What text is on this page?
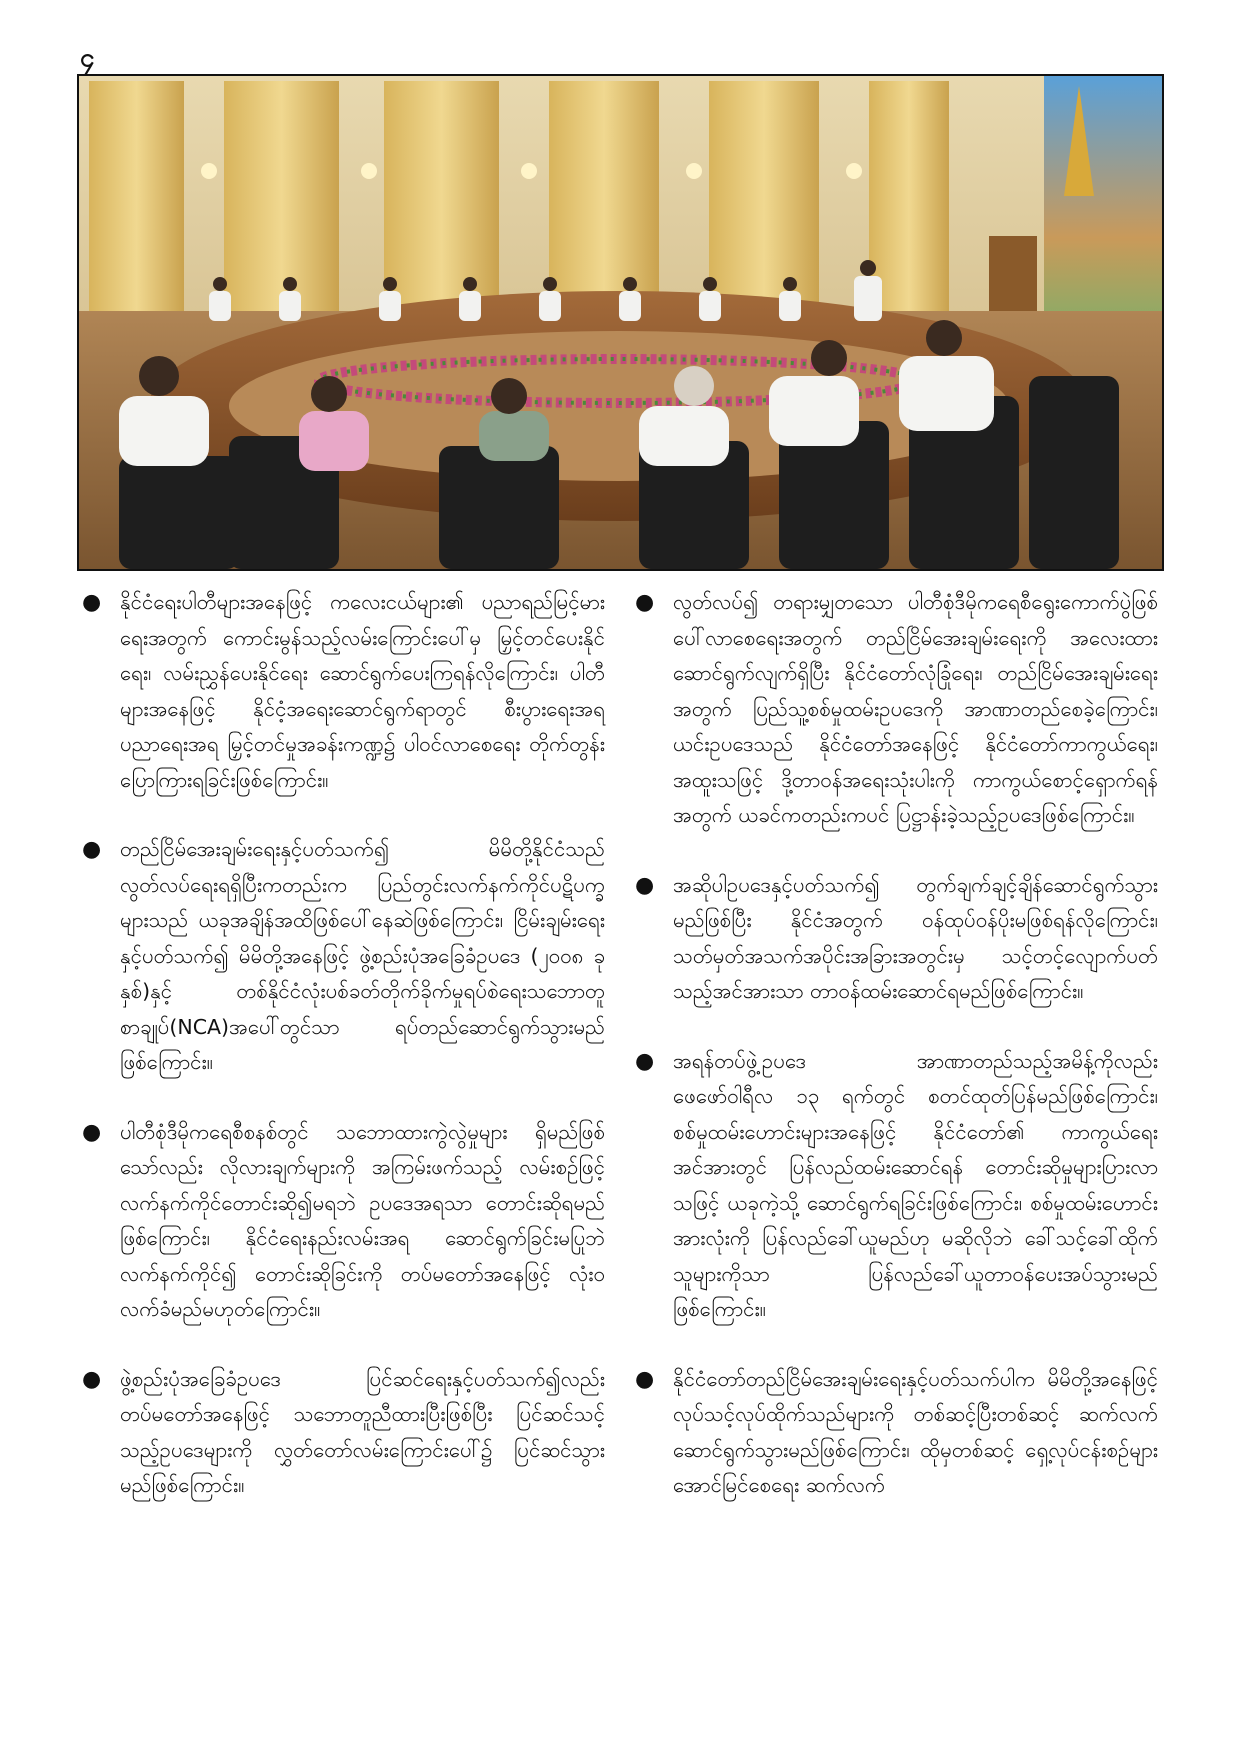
၄
● နိုင်ငံရေးပါတီများအနေဖြင့် ကလေးငယ်များ၏ ပညာရည်မြင့်မားရေးအတွက် ကောင်းမွန်သည့်လမ်းကြောင်းပေါ်မှ မြှင့်တင်ပေးနိုင်ရေး၊ လမ်းညွှန်ပေးနိုင်ရေး ဆောင်ရွက်ပေးကြရန်လိုကြောင်း၊ ပါတီများအနေဖြင့် နိုင်ငံ့အရေးဆောင်ရွက်ရာတွင် စီးပွားရေးအရ ပညာရေးအရ မြှင့်တင်မှုအခန်းကဏ္ဍ၌ ပါဝင်လာစေရေး တိုက်တွန်းပြောကြားရခြင်းဖြစ်ကြောင်း။
● တည်ငြိမ်အေးချမ်းရေးနှင့်ပတ်သက်၍ မိမိတို့နိုင်ငံသည်လွတ်လပ်ရေးရရှိပြီးကတည်းက ပြည်တွင်းလက်နက်ကိုင်ပဋိပက္ခများသည် ယခုအချိန်အထိဖြစ်ပေါ်နေဆဲဖြစ်ကြောင်း၊ ငြိမ်းချမ်းရေးနှင့်ပတ်သက်၍ မိမိတို့အနေဖြင့် ဖွဲ့စည်းပုံအခြေခံဥပဒေ (၂၀၀၈ ခုနှစ်)နှင့် တစ်နိုင်ငံလုံးပစ်ခတ်တိုက်ခိုက်မှုရပ်စဲရေးသဘောတူစာချုပ်(NCA)အပေါ်တွင်သာ ရပ်တည်ဆောင်ရွက်သွားမည်ဖြစ်ကြောင်း။
● ပါတီစုံဒီမိုကရေစီစနစ်တွင် သဘောထားကွဲလွဲမှုများ ရှိမည်ဖြစ်သော်လည်း လိုလားချက်များကို အကြမ်းဖက်သည့် လမ်းစဉ်ဖြင့် လက်နက်ကိုင်တောင်းဆို၍မရဘဲ ဥပဒေအရသာ တောင်းဆိုရမည်ဖြစ်ကြောင်း၊ နိုင်ငံရေးနည်းလမ်းအရ ဆောင်ရွက်ခြင်းမပြုဘဲလက်နက်ကိုင်၍ တောင်းဆိုခြင်းကို တပ်မတော်အနေဖြင့် လုံးဝလက်ခံမည်မဟုတ်ကြောင်း။
● ဖွဲ့စည်းပုံအခြေခံဥပဒေ ပြင်ဆင်ရေးနှင့်ပတ်သက်၍လည်း တပ်မတော်အနေဖြင့် သဘောတူညီထားပြီးဖြစ်ပြီး ပြင်ဆင်သင့်သည့်ဥပဒေများကို လွှတ်တော်လမ်းကြောင်းပေါ်၌ ပြင်ဆင်သွားမည်ဖြစ်ကြောင်း။
● လွတ်လပ်၍ တရားမျှတသော ပါတီစုံဒီမိုကရေစီရွေးကောက်ပွဲဖြစ်ပေါ်လာစေရေးအတွက် တည်ငြိမ်အေးချမ်းရေးကို အလေးထားဆောင်ရွက်လျက်ရှိပြီး နိုင်ငံတော်လုံခြုံရေး၊ တည်ငြိမ်အေးချမ်းရေးအတွက် ပြည်သူ့စစ်မှုထမ်းဥပဒေကို အာဏာတည်စေခဲ့ကြောင်း၊ ယင်းဥပဒေသည် နိုင်ငံတော်အနေဖြင့် နိုင်ငံတော်ကာကွယ်ရေး၊ အထူးသဖြင့် ဒို့တာဝန်အရေးသုံးပါးကို ကာကွယ်စောင့်ရှောက်ရန်အတွက် ယခင်ကတည်းကပင် ပြဋ္ဌာန်းခဲ့သည့်ဥပဒေဖြစ်ကြောင်း။
● အဆိုပါဥပဒေနှင့်ပတ်သက်၍ တွက်ချက်ချင့်ချိန်ဆောင်ရွက်သွားမည်ဖြစ်ပြီး နိုင်ငံအတွက် ဝန်ထုပ်ဝန်ပိုးမဖြစ်ရန်လိုကြောင်း၊ သတ်မှတ်အသက်အပိုင်းအခြားအတွင်းမှ သင့်တင့်လျောက်ပတ်သည့်အင်အားသာ တာဝန်ထမ်းဆောင်ရမည်ဖြစ်ကြောင်း။
● အရန်တပ်ဖွဲ့ဥပဒေ အာဏာတည်သည့်အမိန့်ကိုလည်း ဖေဖော်ဝါရီလ ၁၃ ရက်တွင် စတင်ထုတ်ပြန်မည်ဖြစ်ကြောင်း၊ စစ်မှုထမ်းဟောင်းများအနေဖြင့် နိုင်ငံတော်၏ ကာကွယ်ရေးအင်အားတွင် ပြန်လည်ထမ်းဆောင်ရန် တောင်းဆိုမှုများပြားလာသဖြင့် ယခုကဲ့သို့ ဆောင်ရွက်ရခြင်းဖြစ်ကြောင်း၊ စစ်မှုထမ်းဟောင်းအားလုံးကို ပြန်လည်ခေါ်ယူမည်ဟု မဆိုလိုဘဲ ခေါ်သင့်ခေါ်ထိုက်သူများကိုသာ ပြန်လည်ခေါ်ယူတာဝန်ပေးအပ်သွားမည်ဖြစ်ကြောင်း။
● နိုင်ငံတော်တည်ငြိမ်အေးချမ်းရေးနှင့်ပတ်သက်ပါက မိမိတို့အနေဖြင့် လုပ်သင့်လုပ်ထိုက်သည်များကို တစ်ဆင့်ပြီးတစ်ဆင့် ဆက်လက်ဆောင်ရွက်သွားမည်ဖြစ်ကြောင်း၊ ထိုမှတစ်ဆင့် ရှေ့လုပ်ငန်းစဉ်များ အောင်မြင်စေရေး ဆက်လက်
